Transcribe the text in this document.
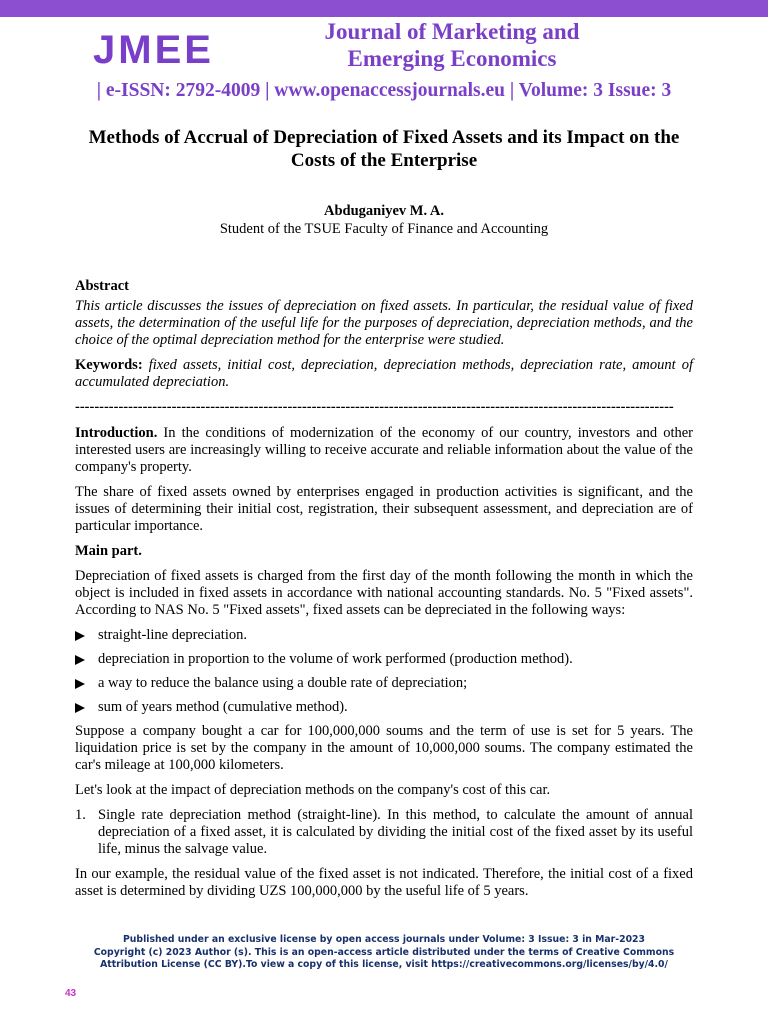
JMEE	Journal of Marketing and
Emerging Economics
| e-ISSN: 2792-4009 | www.openaccessjournals.eu | Volume: 3 Issue: 3
Methods of Accrual of Depreciation of Fixed Assets and its Impact on the Costs of the Enterprise
Abduganiyev M. A.
Student of the TSUE Faculty of Finance and Accounting

Abstract

This article discusses the issues of depreciation on fixed assets. In particular, the residual value of fixed assets, the determination of the useful life for the purposes of depreciation, depreciation methods, and the choice of the optimal depreciation method for the enterprise were studied.

Keywords: fixed assets, initial cost, depreciation, depreciation methods, depreciation rate, amount of accumulated depreciation.

----------------------------------------------------------------------------------------------------------------------------

Introduction. In the conditions of modernization of the economy of our country, investors and other interested users are increasingly willing to receive accurate and reliable information about the value of the company's property.

The share of fixed assets owned by enterprises engaged in production activities is significant, and the issues of determining their initial cost, registration, their subsequent assessment, and depreciation are of particular importance.

Main part.

Depreciation of fixed assets is charged from the first day of the month following the month in which the object is included in fixed assets in accordance with national accounting standards. No. 5 "Fixed assets". According to NAS No. 5 "Fixed assets", fixed assets can be depreciated in the following ways:

straight-line depreciation.
depreciation in proportion to the volume of work performed (production method).
a way to reduce the balance using a double rate of depreciation;
sum of years method (cumulative method).

Suppose a company bought a car for 100,000,000 soums and the term of use is set for 5 years. The liquidation price is set by the company in the amount of 10,000,000 soums. The company estimated the car's mileage at 100,000 kilometers.

Let's look at the impact of depreciation methods on the company's cost of this car.

1. Single rate depreciation method (straight-line). In this method, to calculate the amount of annual depreciation of a fixed asset, it is calculated by dividing the initial cost of the fixed asset by its useful life, minus the salvage value.

In our example, the residual value of the fixed asset is not indicated. Therefore, the initial cost of a fixed asset is determined by dividing UZS 100,000,000 by the useful life of 5 years.

Published under an exclusive license by open access journals under Volume: 3 Issue: 3 in Mar-2023
Copyright (c) 2023 Author (s). This is an open-access article distributed under the terms of Creative Commons
Attribution License (CC BY).To view a copy of this license, visit https://creativecommons.org/licenses/by/4.0/
43
